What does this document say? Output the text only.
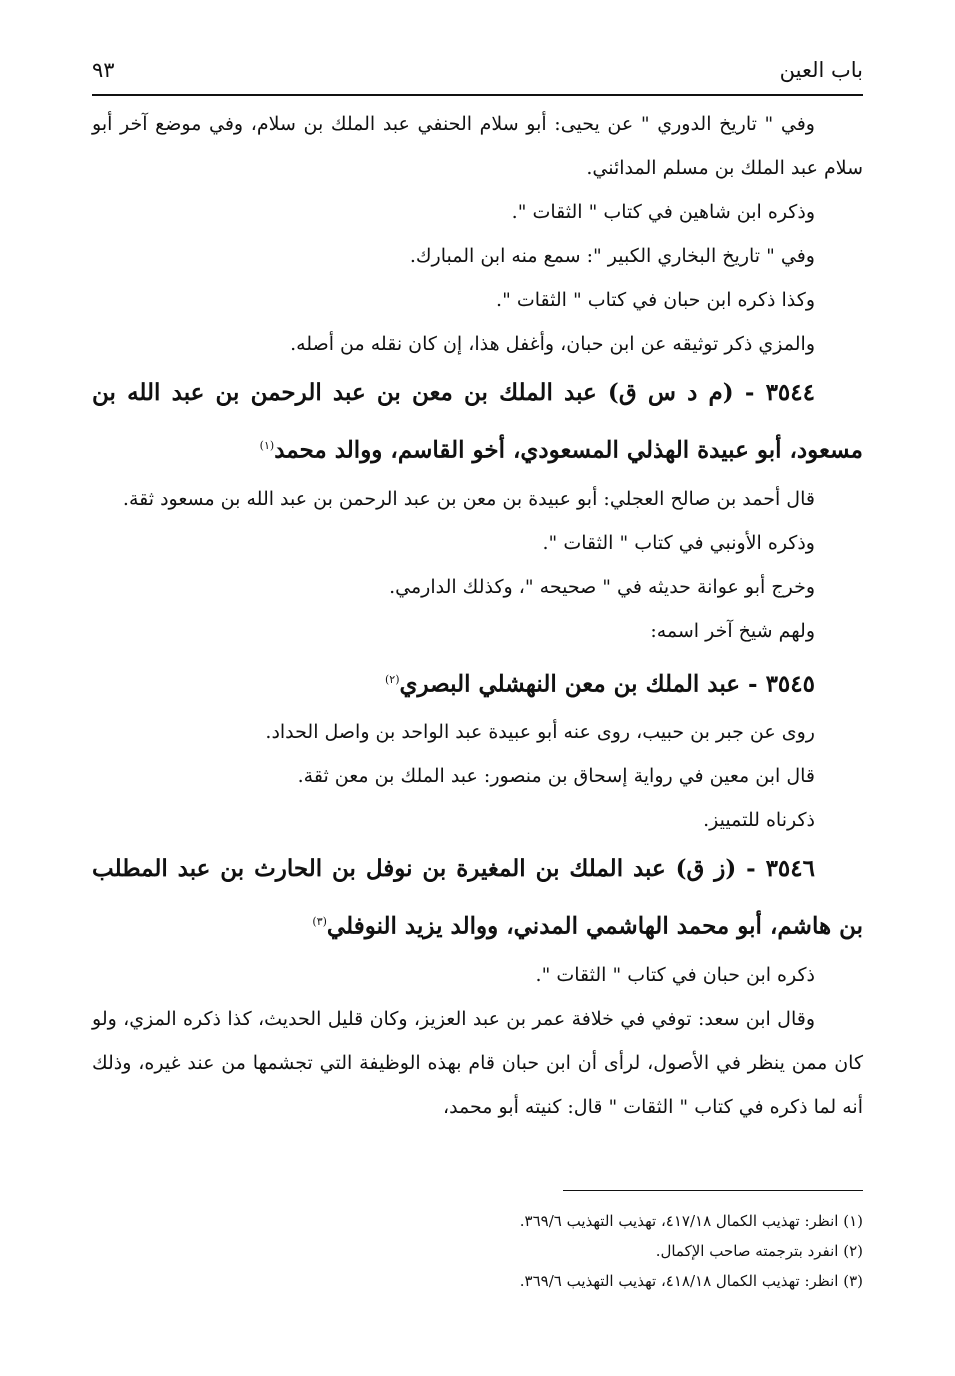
باب العين
٩٣

وفي " تاريخ الدوري " عن يحيى: أبو سلام الحنفي عبد الملك بن سلام، وفي موضع آخر أبو سلام عبد الملك بن مسلم المدائني.

وذكره ابن شاهين في كتاب " الثقات ".

وفي " تاريخ البخاري الكبير ": سمع منه ابن المبارك.

وكذا ذكره ابن حبان في كتاب " الثقات ".

والمزي ذكر توثيقه عن ابن حبان، وأغفل هذا، إن كان نقله من أصله.

٣٥٤٤ - (م د س ق) عبد الملك بن معن بن عبد الرحمن بن عبد الله بن مسعود، أبو عبيدة الهذلي المسعودي، أخو القاسم، ووالد محمد$^{(١)}$

قال أحمد بن صالح العجلي: أبو عبيدة بن معن بن عبد الرحمن بن عبد الله بن مسعود ثقة.

وذكره الأونبي في كتاب " الثقات ".

وخرج أبو عوانة حديثه في " صحيحه "، وكذلك الدارمي.

ولهم شيخ آخر اسمه:

٣٥٤٥ - عبد الملك بن معن النهشلي البصري$^{(٢)}$

روى عن جبر بن حبيب، روى عنه أبو عبيدة عبد الواحد بن واصل الحداد.

قال ابن معين في رواية إسحاق بن منصور: عبد الملك بن معن ثقة.

ذكرناه للتمييز.

٣٥٤٦ - (ز ق) عبد الملك بن المغيرة بن نوفل بن الحارث بن عبد المطلب بن هاشم، أبو محمد الهاشمي المدني، ووالد يزيد النوفلي$^{(٣)}$

ذكره ابن حبان في كتاب " الثقات ".

وقال ابن سعد: توفي في خلافة عمر بن عبد العزيز، وكان قليل الحديث، كذا ذكره المزي، ولو كان ممن ينظر في الأصول، لرأى أن ابن حبان قام بهذه الوظيفة التي تجشمها من عند غيره، وذلك أنه لما ذكره في كتاب " الثقات " قال: كنيته أبو محمد،

(١) انظر: تهذيب الكمال ٤١٧/١٨، تهذيب التهذيب ٣٦٩/٦.

(٢) انفرد بترجمته صاحب الإكمال.

(٣) انظر: تهذيب الكمال ٤١٨/١٨، تهذيب التهذيب ٣٦٩/٦.
